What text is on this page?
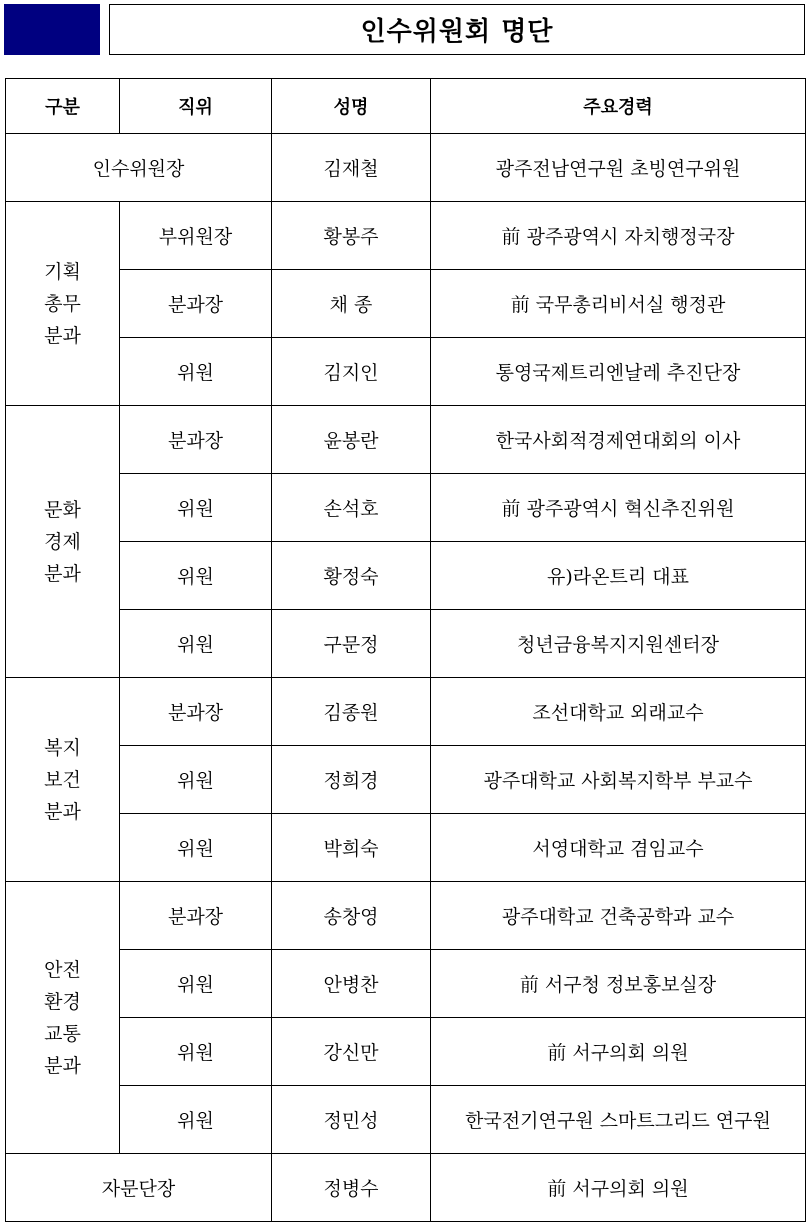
인수위원회 명단
구분	직위	성명	주요경력
인수위원장		김재철	광주전남연구원 초빙연구위원

기획
총무
분과	부위원장	황봉주	前 광주광역시 자치행정국장
	분과장	채 종	前 국무총리비서실 행정관
	위원	김지인	통영국제트리엔날레 추진단장

문화
경제
분과	분과장	윤봉란	한국사회적경제연대회의 이사
	위원	손석호	前 광주광역시 혁신추진위원
	위원	황정숙	유)라온트리 대표
	위원	구문정	청년금융복지지원센터장

복지
보건
분과	분과장	김종원	조선대학교 외래교수
	위원	정희경	광주대학교 사회복지학부 부교수
	위원	박희숙	서영대학교 겸임교수

안전
환경
교통
분과	분과장	송창영	광주대학교 건축공학과 교수
	위원	안병찬	前 서구청 정보홍보실장
	위원	강신만	前 서구의회 의원
	위원	정민성	한국전기연구원 스마트그리드 연구원
자문단장		정병수	前 서구의회 의원
